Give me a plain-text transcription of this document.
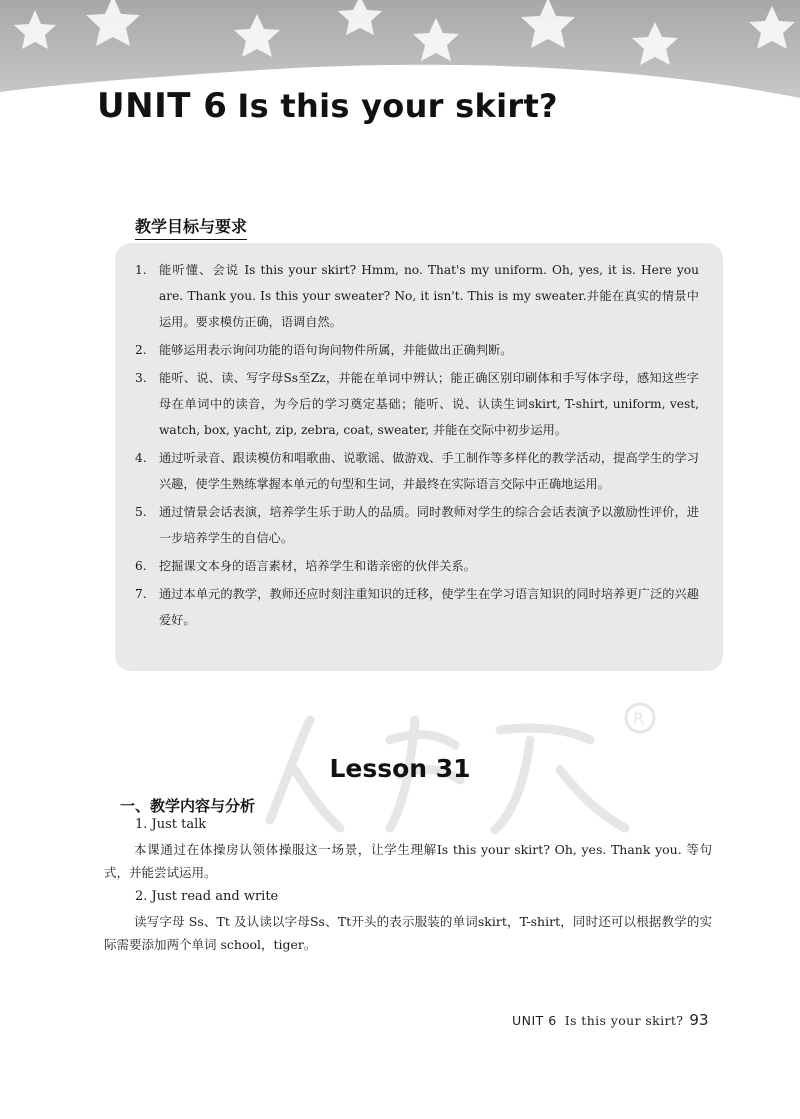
UNIT 6 Is this your skirt?
教学目标与要求
1.	能听懂、会说 Is this your skirt? Hmm, no. That's my uniform. Oh, yes, it is. Here you are. Thank you. Is this your sweater? No, it isn't. This is my sweater.并能在真实的情景中运用。要求模仿正确，语调自然。
2.	能够运用表示询问功能的语句询问物件所属，并能做出正确判断。
3.	能听、说、读、写字母Ss至Zz，并能在单词中辨认；能正确区别印刷体和手写体字母，感知这些字母在单词中的读音，为今后的学习奠定基础；能听、说、认读生词skirt, T-shirt, uniform, vest, watch, box, yacht, zip, zebra, coat, sweater, 并能在交际中初步运用。
4.	通过听录音、跟读模仿和唱歌曲、说歌谣、做游戏、手工制作等多样化的教学活动，提高学生的学习兴趣，使学生熟练掌握本单元的句型和生词，并最终在实际语言交际中正确地运用。
5.	通过情景会话表演，培养学生乐于助人的品质。同时教师对学生的综合会话表演予以激励性评价，进一步培养学生的自信心。
6.	挖掘课文本身的语言素材，培养学生和谐亲密的伙伴关系。
7.	通过本单元的教学，教师还应时刻注重知识的迁移，使学生在学习语言知识的同时培养更广泛的兴趣爱好。
R
Lesson 31
一、教学内容与分析

1. Just talk

本课通过在体操房认领体操服这一场景，让学生理解Is this your skirt? Oh, yes. Thank you. 等句式，并能尝试运用。

2. Just read and write

读写字母 Ss、Tt 及认读以字母Ss、Tt开头的表示服装的单词skirt，T-shirt，同时还可以根据教学的实际需要添加两个单词 school，tiger。

UNIT 6 Is this your skirt? 93
